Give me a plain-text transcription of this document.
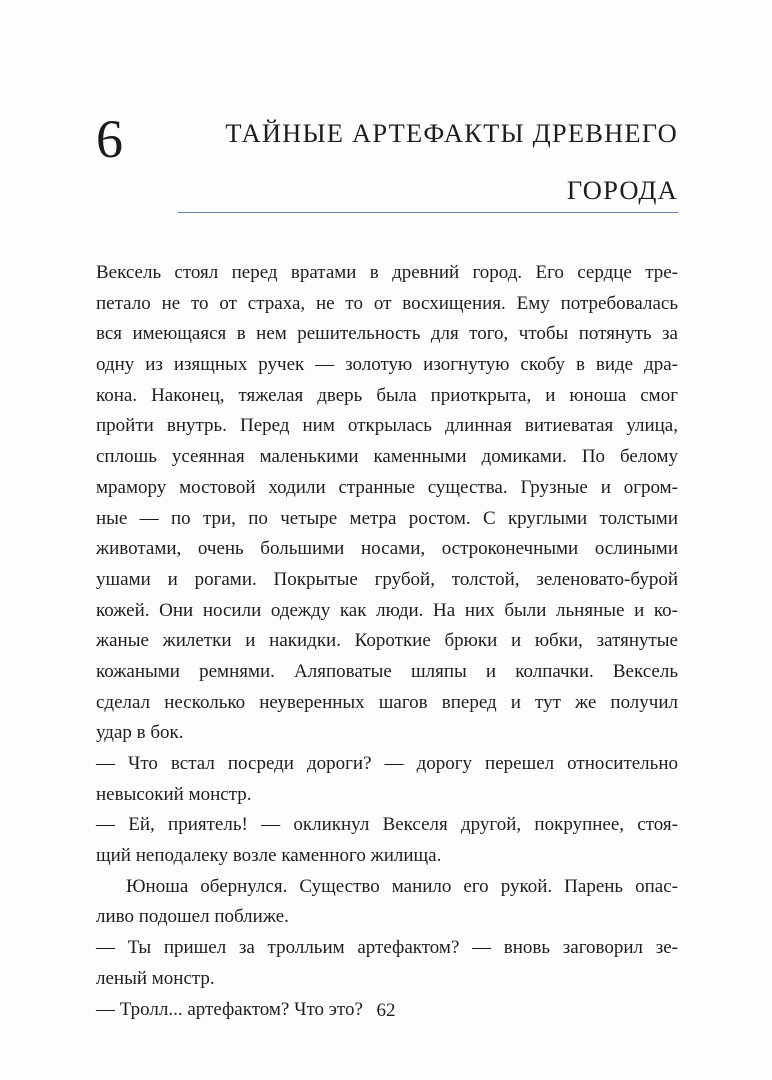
6	ТАЙНЫЕ АРТЕФАКТЫ ДРЕВНЕГО
ГОРОДА
Вексель стоял перед вратами в древний город. Его сердце тре-
петало не то от страха, не то от восхищения. Ему потребовалась
вся имеющаяся в нем решительность для того, чтобы потянуть за
одну из изящных ручек — золотую изогнутую скобу в виде дра-
кона. Наконец, тяжелая дверь была приоткрыта, и юноша смог
пройти внутрь. Перед ним открылась длинная витиеватая улица,
сплошь усеянная маленькими каменными домиками. По белому
мрамору мостовой ходили странные существа. Грузные и огром-
ные — по три, по четыре метра ростом. С круглыми толстыми
животами, очень большими носами, остроконечными ослиными
ушами и рогами. Покрытые грубой, толстой, зеленовато-бурой
кожей. Они носили одежду как люди. На них были льняные и ко-
жаные жилетки и накидки. Короткие брюки и юбки, затянутые
кожаными ремнями. Аляповатые шляпы и колпачки. Вексель
сделал несколько неуверенных шагов вперед и тут же получил
удар в бок.
— Что встал посреди дороги? — дорогу перешел относительно
невысокий монстр.
— Ей, приятель! — окликнул Векселя другой, покрупнее, стоя-
щий неподалеку возле каменного жилища.
Юноша обернулся. Существо манило его рукой. Парень опас-
ливо подошел поближе.
— Ты пришел за тролльим артефактом? — вновь заговорил зе-
леный монстр.
— Тролл... артефактом? Что это? 62
